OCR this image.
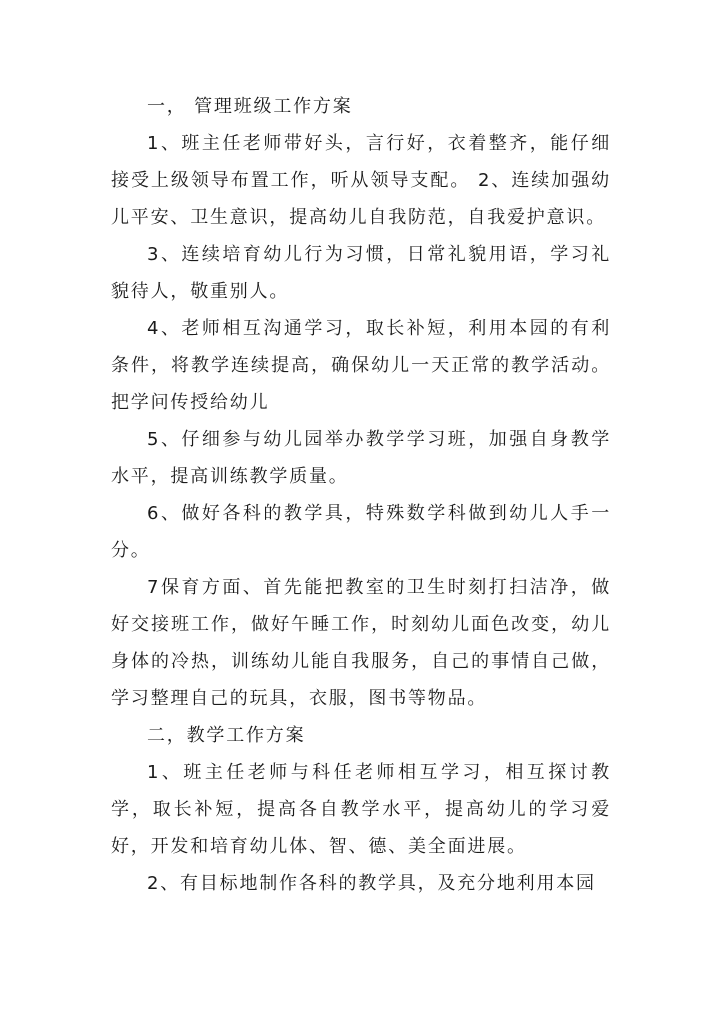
一， 管理班级工作方案

1、班主任老师带好头，言行好，衣着整齐，能仔细接受上级领导布置工作，听从领导支配。 2、连续加强幼儿平安、卫生意识，提高幼儿自我防范，自我爱护意识。

3、连续培育幼儿行为习惯，日常礼貌用语，学习礼貌待人，敬重别人。

4、老师相互沟通学习，取长补短，利用本园的有利条件，将教学连续提高，确保幼儿一天正常的教学活动。把学问传授给幼儿

5、仔细参与幼儿园举办教学学习班，加强自身教学水平，提高训练教学质量。

6、做好各科的教学具，特殊数学科做到幼儿人手一分。

7保育方面、首先能把教室的卫生时刻打扫洁净，做好交接班工作，做好午睡工作，时刻幼儿面色改变，幼儿身体的冷热，训练幼儿能自我服务，自己的事情自己做，学习整理自己的玩具，衣服，图书等物品。

二，教学工作方案

1、班主任老师与科任老师相互学习，相互探讨教学，取长补短，提高各自教学水平，提高幼儿的学习爱好，开发和培育幼儿体、智、德、美全面进展。

2、有目标地制作各科的教学具，及充分地利用本园
